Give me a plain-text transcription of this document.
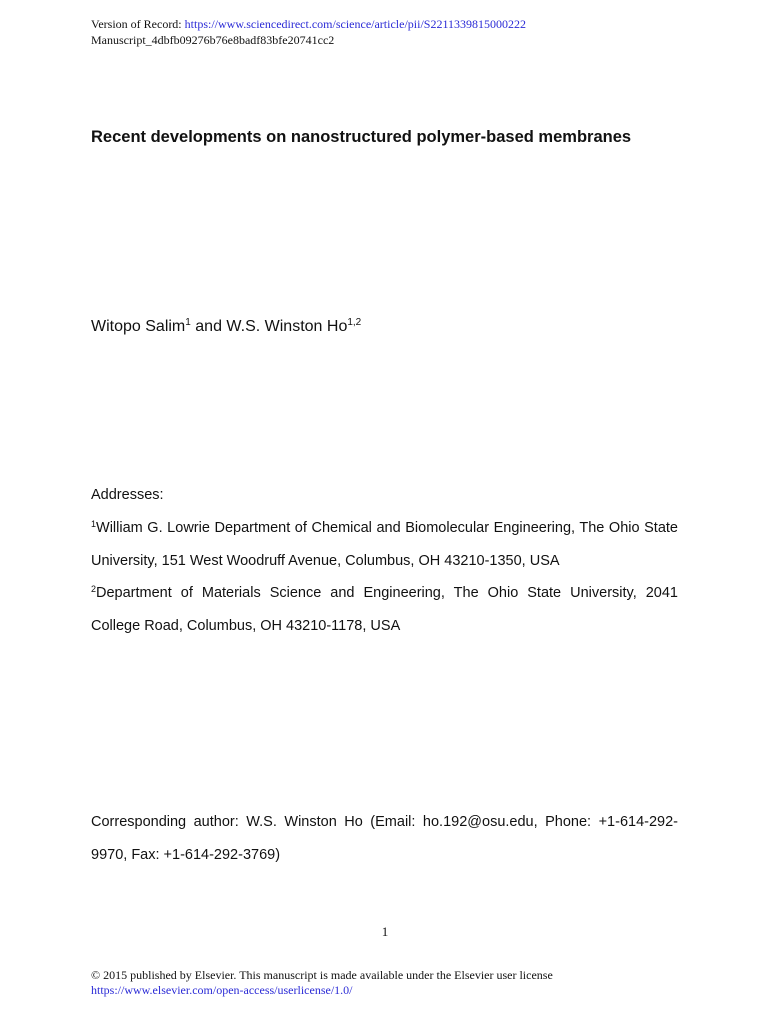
Version of Record: https://www.sciencedirect.com/science/article/pii/S2211339815000222
Manuscript_4dbfb09276b76e8badf83bfe20741cc2
Recent developments on nanostructured polymer-based membranes
Witopo Salim$^1$ and W.S. Winston Ho$^{1,2}$
Addresses:
$^1$William G. Lowrie Department of Chemical and Biomolecular Engineering, The Ohio State University, 151 West Woodruff Avenue, Columbus, OH 43210-1350, USA
$^2$Department of Materials Science and Engineering, The Ohio State University, 2041 College Road, Columbus, OH 43210-1178, USA
Corresponding author: W.S. Winston Ho (Email: ho.192@osu.edu, Phone: +1-614-292-9970, Fax: +1-614-292-3769)
1
© 2015 published by Elsevier. This manuscript is made available under the Elsevier user license
https://www.elsevier.com/open-access/userlicense/1.0/
